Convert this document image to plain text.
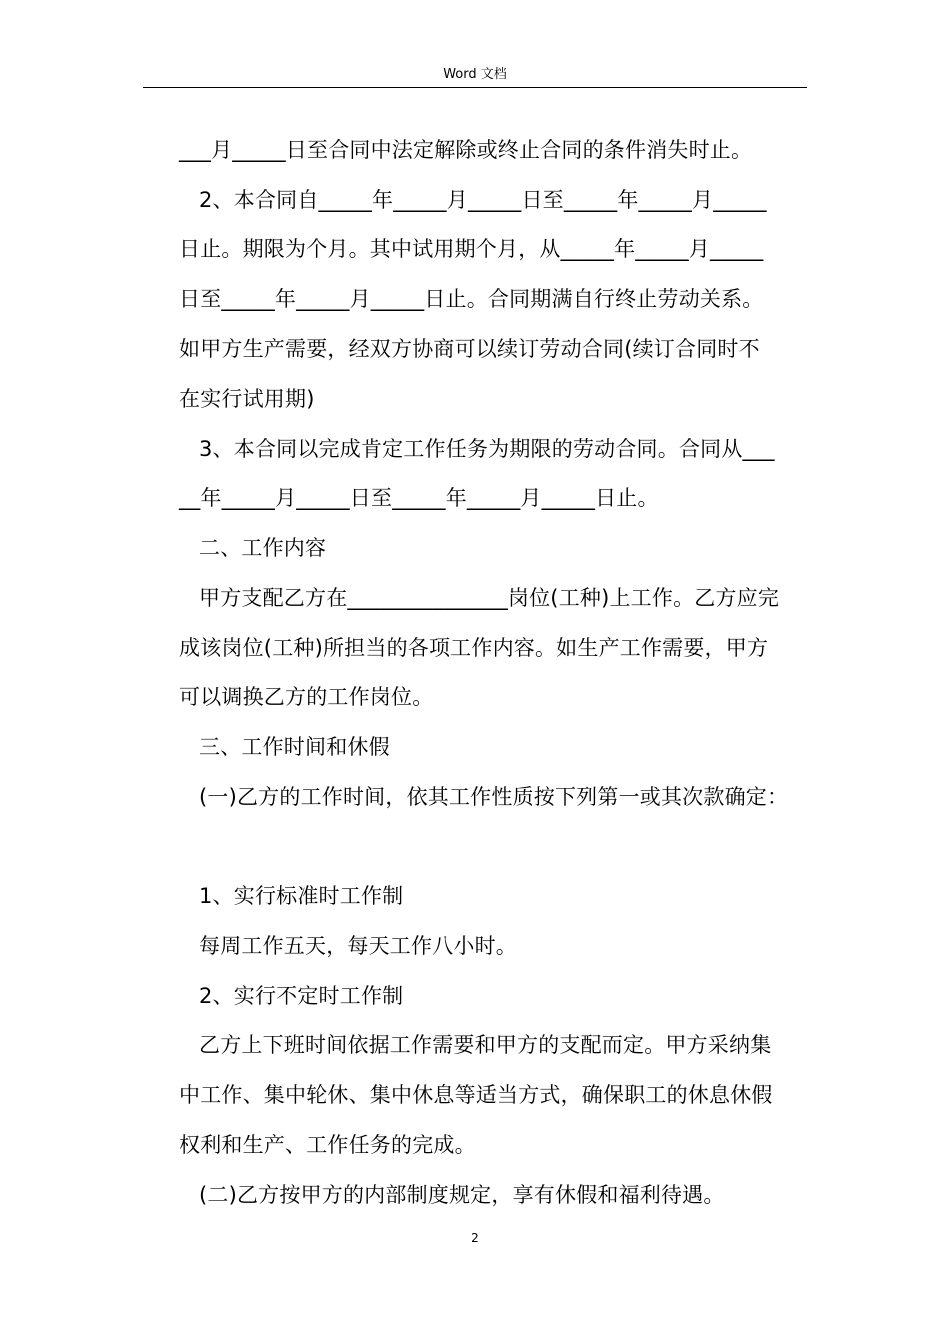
Word 文档
___月_____日至合同中法定解除或终止合同的条件消失时止。
2、本合同自_____年_____月_____日至_____年_____月_____
日止。期限为个月。其中试用期个月，从_____年_____月_____
日至_____年_____月_____日止。合同期满自行终止劳动关系。
如甲方生产需要，经双方协商可以续订劳动合同(续订合同时不
在实行试用期)
3、本合同以完成肯定工作任务为期限的劳动合同。合同从___
__年_____月_____日至_____年_____月_____日止。
二、工作内容
甲方支配乙方在_______________岗位(工种)上工作。乙方应完
成该岗位(工种)所担当的各项工作内容。如生产工作需要，甲方
可以调换乙方的工作岗位。
三、工作时间和休假
(一)乙方的工作时间，依其工作性质按下列第一或其次款确定：
1、实行标准时工作制
每周工作五天，每天工作八小时。
2、实行不定时工作制
乙方上下班时间依据工作需要和甲方的支配而定。甲方采纳集
中工作、集中轮休、集中休息等适当方式，确保职工的休息休假
权利和生产、工作任务的完成。
(二)乙方按甲方的内部制度规定，享有休假和福利待遇。
2
